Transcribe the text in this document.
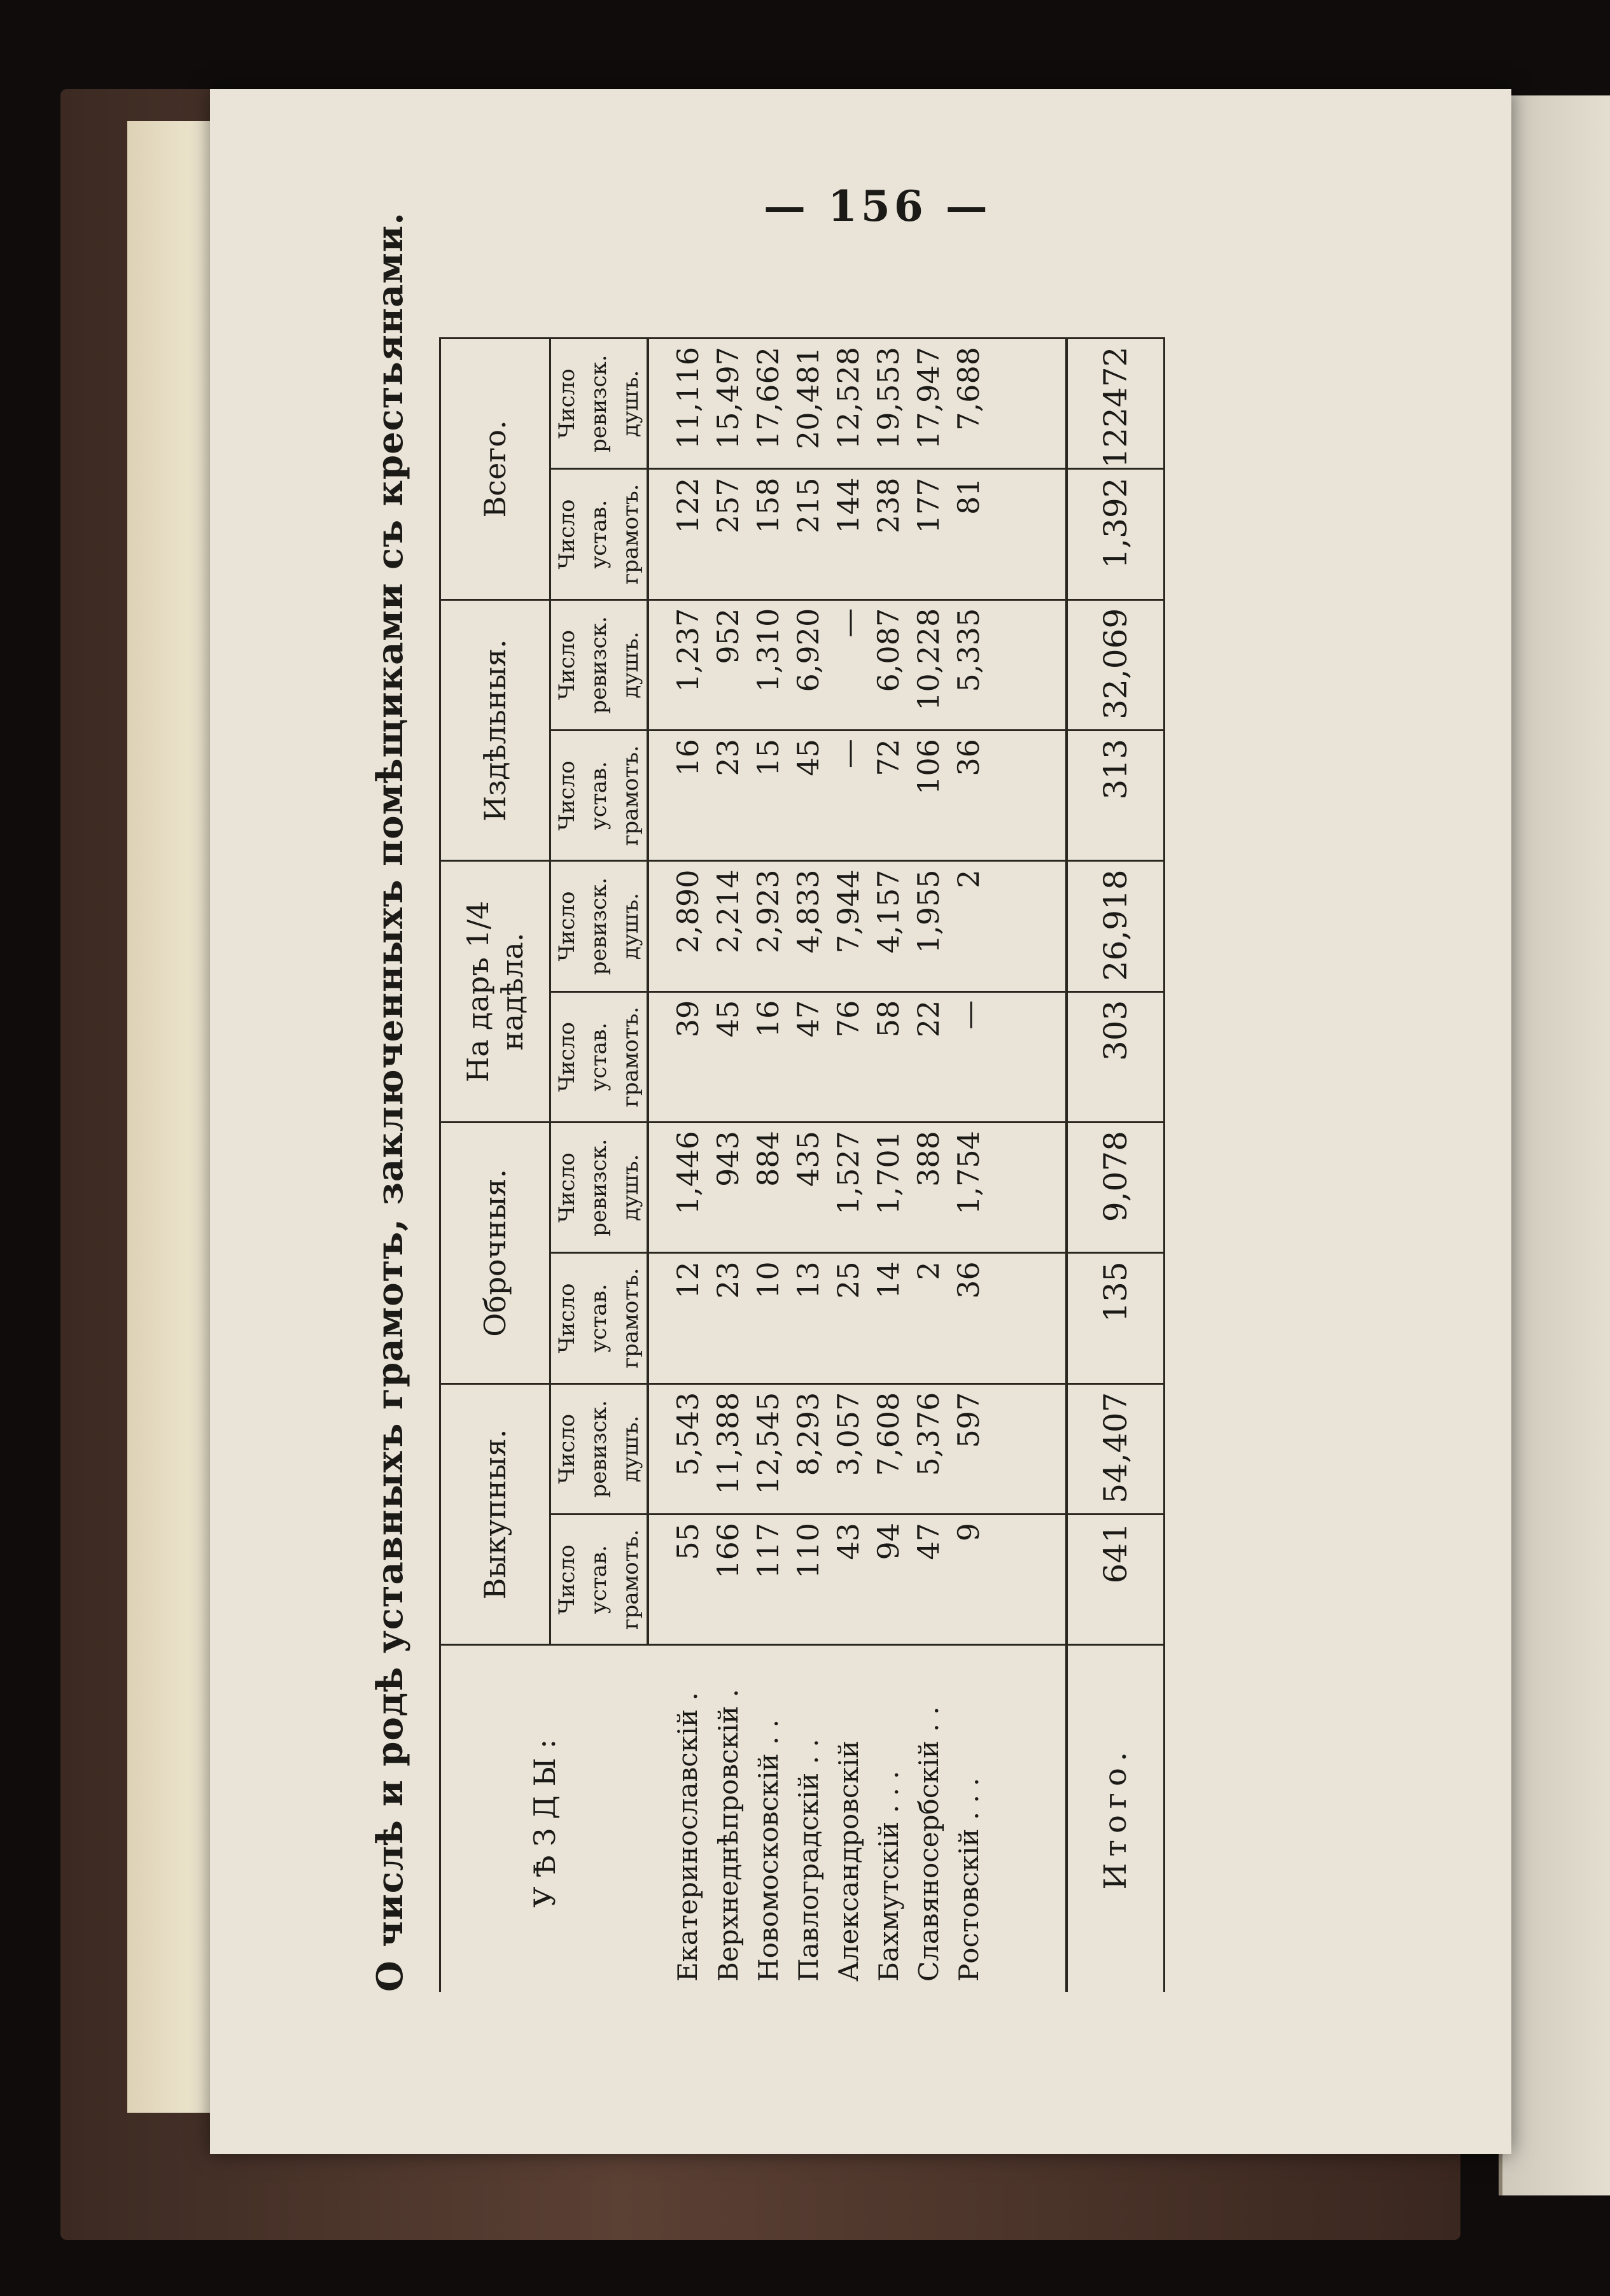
— 156 —
О числѣ и родѣ уставныхъ грамотъ, заключенныхъ помѣщиками съ крестьянами.	УѢЗДЫ:	Выкупныя.		Оброчныя.		На даръ 1/4 надѣла.		Издѣльныя.		Всего.	
	Число устав. грамотъ.	Число ревизск. душъ.	Число устав. грамотъ.	Число ревизск. душъ.	Число устав. грамотъ.	Число ревизск. душъ.	Число устав. грамотъ.	Число ревизск. душъ.	Число устав. грамотъ.	Число ревизск. душъ.
Екатеринославскій .	55	5,543	12	1,446	39	2,890	16	1,237	122	11,116
Верхнеднѣпровскій .	166	11,388	23	943	45	2,214	23	952	257	15,497
Новомосковскій . .	117	12,545	10	884	16	2,923	15	1,310	158	17,662
Павлоградскій . .	110	8,293	13	435	47	4,833	45	6,920	215	20,481
Александровскій	43	3,057	25	1,527	76	7,944	—	—	144	12,528
Бахмутскій . . .	94	7,608	14	1,701	58	4,157	72	6,087	238	19,553
Славяносербскій . .	47	5,376	2	388	22	1,955	106	10,228	177	17,947
Ростовскій . . .	9	597	36	1,754	—	2	36	5,335	81	7,688

Итого.	641	54,407	135	9,078	303	26,918	313	32,069	1,392	122472
